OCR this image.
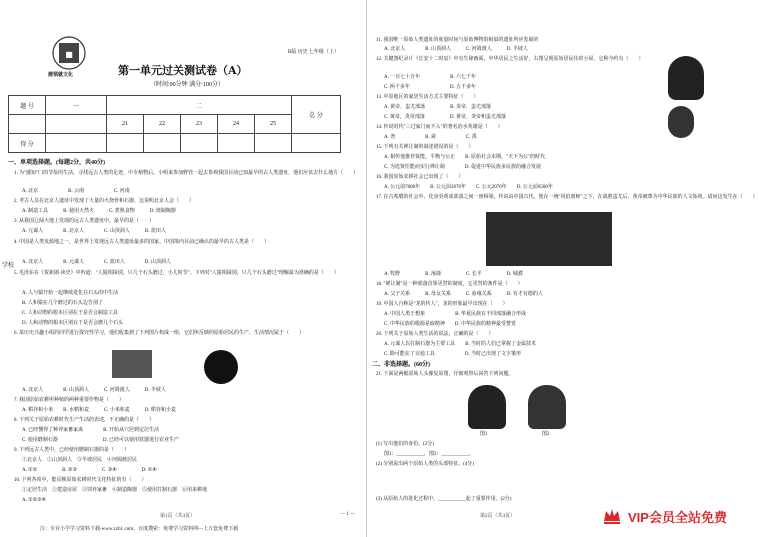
■
捷领就文化
R版 历史 七年级（上）
第一单元过关测试卷（A）
（时间:90分钟 满分:100分）
题 号	一	二					总 分
		21	22	23	24	25	
得 分							
学校
一、单项选择题。(每题2分，共40分)
1. 为"感知"门的节俭的生活，寻找远古人类的足迹，中专植物后，小明来参加野营一起去参观我国目前已知最早的古人类遗址，他们应该去什么地方（　　）
A. 北京　　　　　　B. 云南　　　　　　C. 河南
2. 考古人员在北京人遗址中发现了大量的火烧骨和石器，这说明北京人会（　　）
A. 制造工具　　　B. 使用天然火　　　C. 煮熟食物　　　D. 烧制陶器
3. 从我国辽阔大地上发现的远古人类遗址中，最早的是（　　）
A. 元谋人　　　　B. 北京人　　　　C. 山顶洞人　　　D. 蓝田人
4. 中国是人类发源地之一，是世界上发现远古人类遗址最多的国家。中国境内目前已确认的最早的古人类是（　　）
A. 北京人　　　　B. 元谋人　　　　C. 蓝田人　　　　D. 山顶洞人
5. 毛泽东在《贺新郎·读史》中吟道："人猿相揖别，只几个石头磨过，小儿时节"。下列对"人猿相揖别，只几个石头磨过"理解最为准确的是（　　）
A. 人与猿开始一起继续进化在石头的中生活
B. 人和猿在几个磨过的石头边告别了
C. 人和动物的根本区别在于是否会制造工具
D. 人和动物的根本区别在于是否会磨几个石头
6. 某历史兴趣小组的同学进行探究性学习，他们收集到了下列图片构成一组，它们所反映的原始居民的生产、生活情况属于（　　）
A. 北京人　　　　B. 山顶洞人　　　C. 河姆渡人　　　D. 半坡人
7. 我国原始农耕所种植的两种重要作物是（　　）
A. 稻谷和小米　　B. 水稻和麦　　　C. 小米和麦　　　D. 稻谷和小麦
8. 下列关于原始农耕时代生产生活的表述，不正确的是（　　）
A. 已经懂得了种养家畜家禽　　　　B. 开始从穴居到定居生活
C. 使用磨制石器　　　　　　　　　D. 已经可以使用铁器进行农业生产
9. 下列远古人类中，已经使用磨制石器的是（　　）
①北京人　②山顶洞人　③半坡居民　④河姆渡居民
A. ①②　　　　　B. ②③　　　　　C. ③④　　　　　D. ①④
10. 下列各项中，能反映原始农耕时代文化特征的有（　　）
①定居生活　②建造房屋　③饲养家畜　④制造陶器　⑤使用打制石器　⑥用来耕地
A. ①②③④
第1页（共4页）	— 1 —
11. 我国唯一原始人类遗址的度量时间与原始博物馆相似的遗址所应发展的
A. 北京人　　　　B. 山顶洞人　　　C. 河姆渡人　　　D. 半坡人
12. 关键图纪录片《长安十二时辰》中有生肆画面，中华居民之生活好，右图呈现原始居民住的小屋，它称今约有（　　）
A. 一百七十万年　　　　　　B. 六七千年
C. 两千多年　　　　　　　　D. 五千多年
13. 中原地区的家居生活方式主要特征（　　）
A. 黄帝，蚩尤部落　　　　　B. 炎帝，蚩尤部落
C. 黄帝，炎帝部落　　　　　D. 黄帝，炎帝和蚩尤部落
14. 传说时代"三过家门而不入"的著名治水英雄是（　　）
A. 尧　　　　　　B. 舜　　　　　　C. 禹
15. 下列有关禅让制的叙述错误的是（　　）
A. 相传他推荐贤能，平衡与公正　　B. 原始社会末期，"天下为公"的时代
C. 为选贤任能而实行禅让制　　　　D. 促进中华民族多民族的融合发展
16. 我国原始农耕社会已出现了（　　）
A. 公元前7000年　　B. 公元前2070年　　C. 公元2070年　　D. 公元前6500年
17. 在古希腊的社会中，化身炎黄成部落之间一座桥梁，传说由中国古代，他在一统"风伯雨师"之下，在战胜蚩尤后，黄帝被尊为中华民族的人文始祖。请问这发生在（　　）
A. 牧野　　　　　B. 涿鹿　　　　　C. 长平　　　　　D. 城濮
18. "禅让制"是一种部落首领更替的制度，它更替的条件是（　　）
A. 父子关系　　　B. 母女关系　　　C. 血缘关系　　　D. 有才有德的人
19. 中国人自称是"龙的传人"，龙的形象最早出现在（　　）
A. 中国人勇于想象　　　　　　B. 华夏民族在不同部落融合形成
C. 中华民族的根源是取精神　　D. 中华民族的精神最受赞赏
20. 下列关于原始人类生活的说法，正确的是（　　）
A. 元谋人以打制石器为主要工具　　B. 当时的人们已掌握了金属技术
C. 除可能在了交通工具　　　　　　D. 当时已出现了文字雏形
二、非选择题。(60分)
21. 下面是两幅原始人头像复原图，仔细观察后回答下列问题。
图1	图2
(1) 写出他们的身份。(2分)
图1：___________，图2：___________。
(2) 分别说出两个原始人类的头部特征。(4分)
(3) 从原始人的进化过程中，___________起了重要作用。(2分)
第2页（共4页）
注：专业小学学习资料下载-www.xzhl. com，百度搜索：免费学习资料网—上万套免费下载
VIP会员全站免费
